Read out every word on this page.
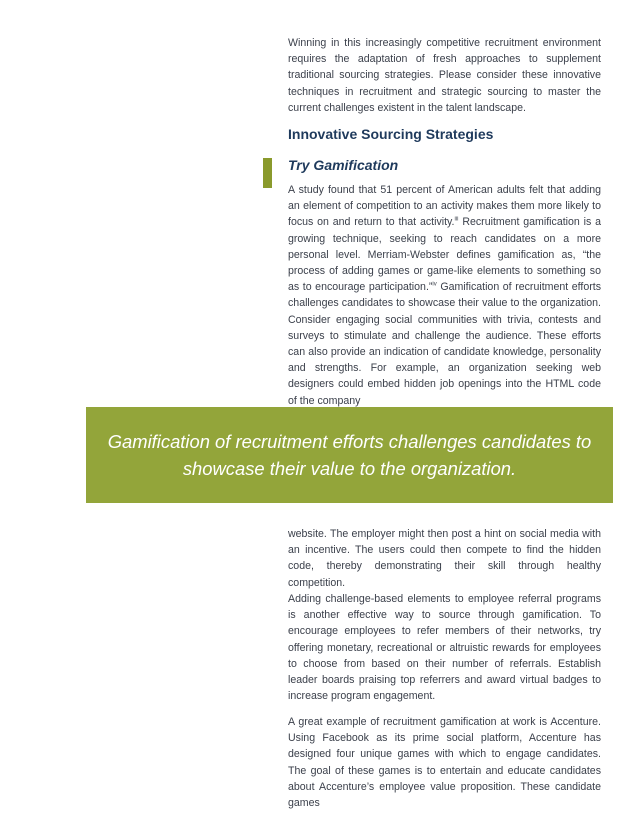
Winning in this increasingly competitive recruitment environment requires the adaptation of fresh approaches to supplement traditional sourcing strategies. Please consider these innovative techniques in recruitment and strategic sourcing to master the current challenges existent in the talent landscape.

Innovative Sourcing Strategies
Try Gamification

A study found that 51 percent of American adults felt that adding an element of competition to an activity makes them more likely to focus on and return to that activity.$^{iii}$ Recruitment gamification is a growing technique, seeking to reach candidates on a more personal level. Merriam-Webster defines gamification as, “the process of adding games or game-like elements to something so as to encourage participation.”$^{iv}$ Gamification of recruitment efforts challenges candidates to showcase their value to the organization. Consider engaging social communities with trivia, contests and surveys to stimulate and challenge the audience. These efforts can also provide an indication of candidate knowledge, personality and strengths. For example, an organization seeking web designers could embed hidden job openings into the HTML code of the company

Gamification of recruitment efforts challenges candidates to showcase their value to the organization.

website. The employer might then post a hint on social media with an incentive. The users could then compete to find the hidden code, thereby demonstrating their skill through healthy competition.

Adding challenge-based elements to employee referral programs is another effective way to source through gamification. To encourage employees to refer members of their networks, try offering monetary, recreational or altruistic rewards for employees to choose from based on their number of referrals. Establish leader boards praising top referrers and award virtual badges to increase program engagement.

A great example of recruitment gamification at work is Accenture. Using Facebook as its prime social platform, Accenture has designed four unique games with which to engage candidates. The goal of these games is to entertain and educate candidates about Accenture’s employee value proposition. These candidate games
